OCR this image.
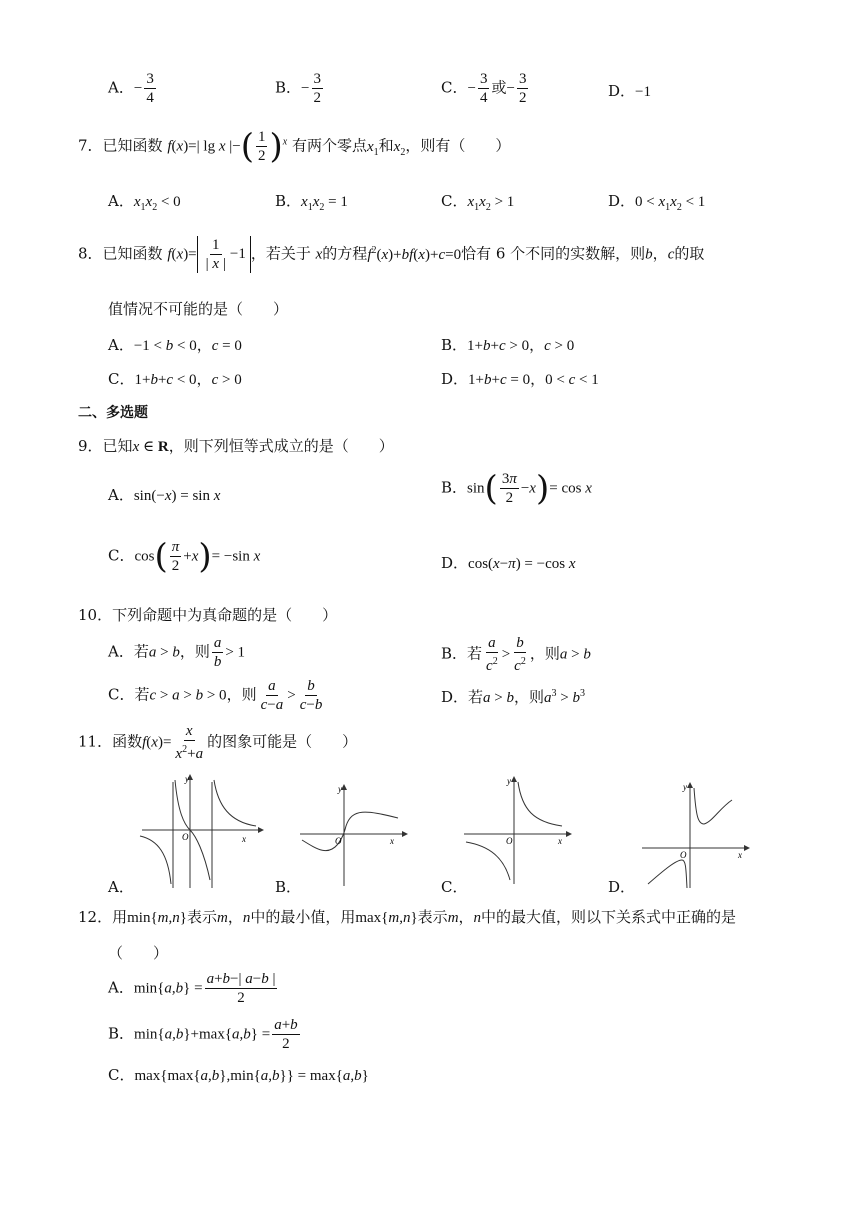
A．− $\frac{3}{4}$	B．− $\frac{3}{2}$	C．− $\frac{3}{4}$ 或− $\frac{3}{2}$	D．−1
7．已知函数 f(x)=| lg x |−( $\frac{1}{2} )^x$ 有两个零点$x_1$和$x_2$，则有（　　）
A．$x_1x_2 < 0$	B．$x_1x_2 = 1$	C．$x_1x_2 > 1$	D．$0 < x_1x_2 < 1$
8．已知函数 $f(x)= \frac{1}{| x |} -1$ ，若关于 x的方程$f^2(x)+bf(x)+c=0$恰有 6 个不同的实数解，则b，c的取
值情况不可能的是（　　）
A．−1 < b < 0，c = 0	B．1+b+c > 0，c > 0
C．1+b+c < 0，c > 0	D．1+b+c = 0，0 < c < 1
二、多选题
9．已知x ∈ R，则下列恒等式成立的是（　　）
A．sin(−x) = sin x	B．$\sin( \frac{3\pi}{2} -x)= \cos x$
C．$\cos( \frac{\pi}{2} +x)= -\sin$ x	D．cos(x−π) = −cos x
10．下列命题中为真命题的是（　　）
A．若a > b，则 $\frac{a}{b} > 1$	B．若 $\frac{a}{c^2} > \frac{b}{c^2}$ ，则a > b
C．若c > a > b > 0，则 $\frac{a}{c-a} > \frac{b}{c-b}$	D．若a > b，则$a^3 > b^3$
11．函数$f(x)= \frac{x}{x^2+a}$ 的图象可能是（　　）
y
O	x
A．
y
O	x
B．
y
O	x
C．
y
O	x
D．
12．用min{m,n}表示m，n中的最小值，用max{m,n}表示m，n中的最大值，则以下关系式中正确的是
（　　）
A．$\min\{a,b\} = \frac{a+b-| a-b |}{2}$
B．$\min\{a,b\}+\max\{a,b\} = \frac{a+b}{2}$
C．max{max{a,b},min{a,b}} = max{a,b}
